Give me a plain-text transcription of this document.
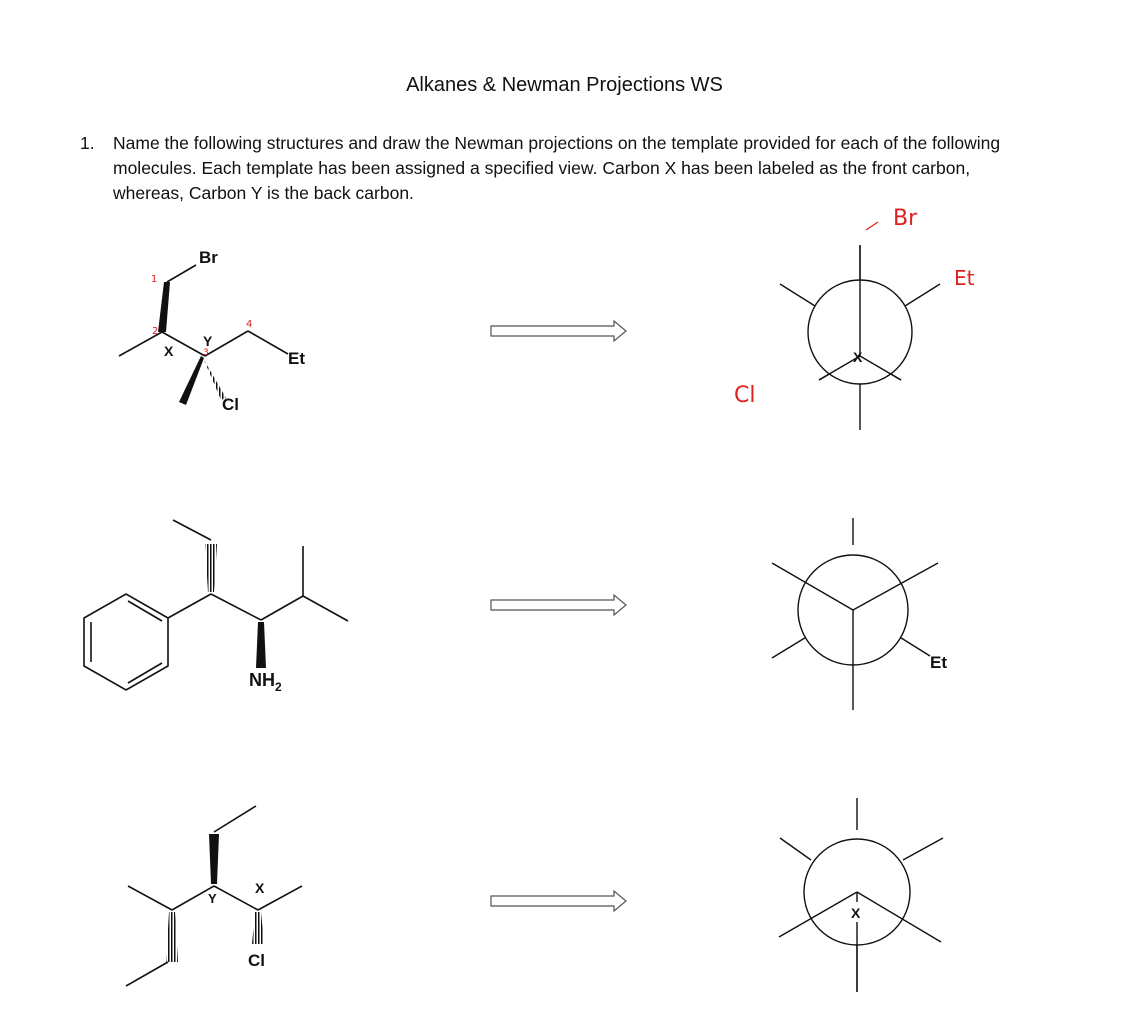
Alkanes & Newman Projections WS
1. Name the following structures and draw the Newman projections on the template provided for each of the following molecules. Each template has been assigned a specified view. Carbon X has been labeled as the front carbon, whereas, Carbon Y is the back carbon.
Br
X
Y
Et
Cl
1
2
3
4
X
Br
Et
Cl
$NH_2$
Et
X
Y
Cl
X
